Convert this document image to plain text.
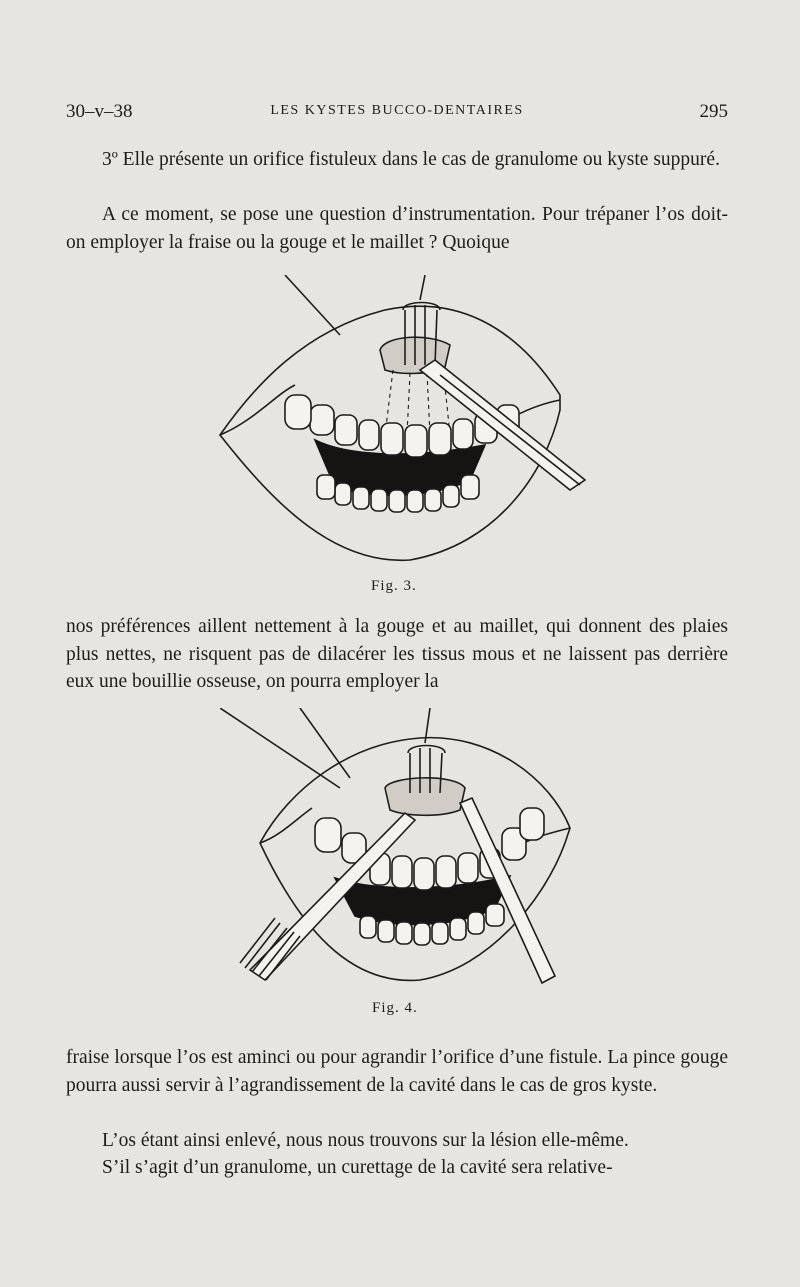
30–v–38	LES KYSTES BUCCO-DENTAIRES	295

3º Elle présente un orifice fistuleux dans le cas de granulome ou kyste suppuré.

A ce moment, se pose une question d’instrumentation. Pour trépaner l’os doit-on employer la fraise ou la gouge et le maillet ? Quoique

Fig. 3.

nos préférences aillent nettement à la gouge et au maillet, qui donnent des plaies plus nettes, ne risquent pas de dilacérer les tissus mous et ne laissent pas derrière eux une bouillie osseuse, on pourra employer la

Fig. 4.

fraise lorsque l’os est aminci ou pour agrandir l’orifice d’une fistule. La pince gouge pourra aussi servir à l’agrandissement de la cavité dans le cas de gros kyste.

L’os étant ainsi enlevé, nous nous trouvons sur la lésion elle-même.

S’il s’agit d’un granulome, un curettage de la cavité sera relative-
